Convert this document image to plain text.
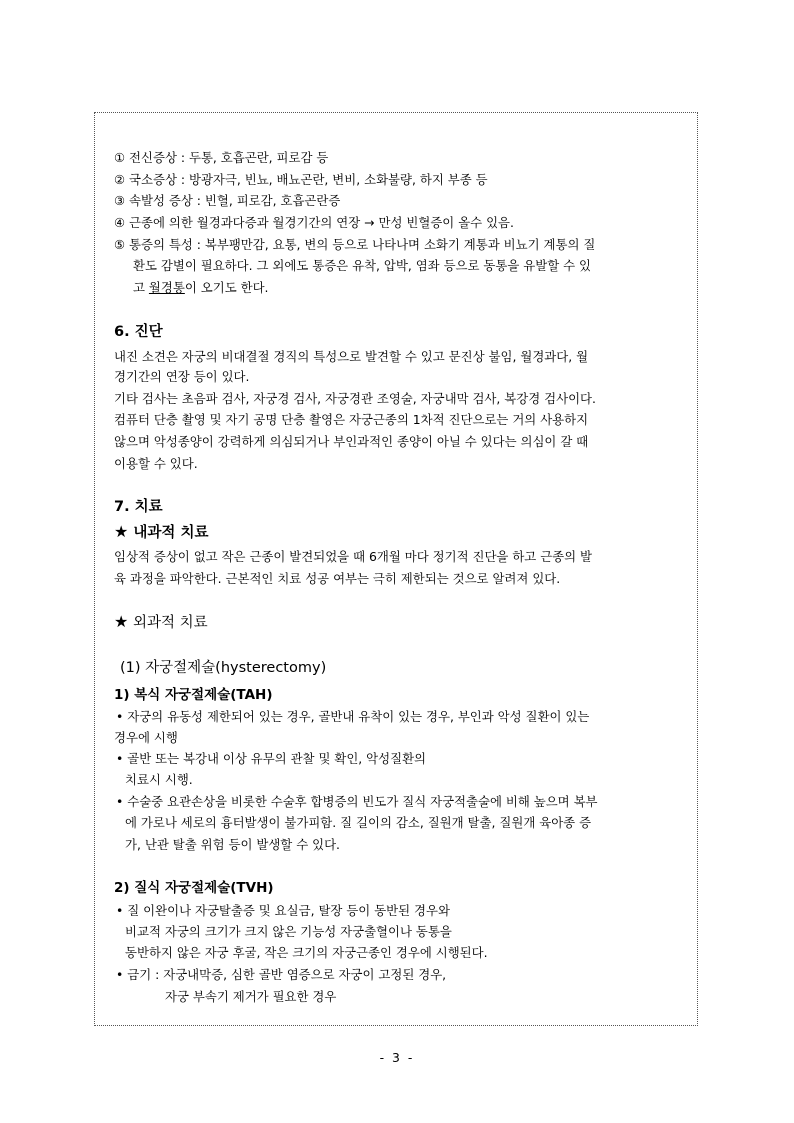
① 전신증상 : 두통, 호흡곤란, 피로감 등
② 국소증상 : 방광자극, 빈뇨, 배뇨곤란, 변비, 소화불량, 하지 부종 등
③ 속발성 증상 : 빈혈, 피로감, 호흡곤란증
④ 근종에 의한 월경과다증과 월경기간의 연장 → 만성 빈혈증이 올수 있음.
⑤ 통증의 특성 : 복부팽만감, 요통, 변의 등으로 나타나며 소화기 계통과 비뇨기 계통의 질
환도 감별이 필요하다. 그 외에도 통증은 유착, 압박, 염좌 등으로 동통을 유발할 수 있
고 월경통이 오기도 한다.
6. 진단
내진 소견은 자궁의 비대결절 경직의 특성으로 발견할 수 있고 문진상 불임, 월경과다, 월
경기간의 연장 등이 있다.
기타 검사는 초음파 검사, 자궁경 검사, 자궁경관 조영술, 자궁내막 검사, 복강경 검사이다.
컴퓨터 단층 촬영 및 자기 공명 단층 촬영은 자궁근종의 1차적 진단으로는 거의 사용하지
않으며 악성종양이 강력하게 의심되거나 부인과적인 종양이 아닐 수 있다는 의심이 갈 때
이용할 수 있다.
7. 치료
★ 내과적 치료
임상적 증상이 없고 작은 근종이 발견되었을 때 6개월 마다 정기적 진단을 하고 근종의 발
육 과정을 파악한다. 근본적인 치료 성공 여부는 극히 제한되는 것으로 알려져 있다.
★ 외과적 치료
(1) 자궁절제술(hysterectomy)
1) 복식 자궁절제술(TAH)
• 자궁의 유동성 제한되어 있는 경우, 골반내 유착이 있는 경우, 부인과 악성 질환이 있는
경우에 시행
• 골반 또는 복강내 이상 유무의 관찰 및 확인, 악성질환의
치료시 시행.
• 수술중 요관손상을 비롯한 수술후 합병증의 빈도가 질식 자궁적출술에 비해 높으며 복부
에 가로나 세로의 흉터발생이 불가피함. 질 길이의 감소, 질원개 탈출, 질원개 육아종 증
가, 난관 탈출 위험 등이 발생할 수 있다.
2) 질식 자궁절제술(TVH)
• 질 이완이나 자궁탈출증 및 요실금, 탈장 등이 동반된 경우와
비교적 자궁의 크기가 크지 않은 기능성 자궁출혈이나 동통을
동반하지 않은 자궁 후굴, 작은 크기의 자궁근종인 경우에 시행된다.
• 금기 : 자궁내막증, 심한 골반 염증으로 자궁이 고정된 경우,
자궁 부속기 제거가 필요한 경우
- 3 -
